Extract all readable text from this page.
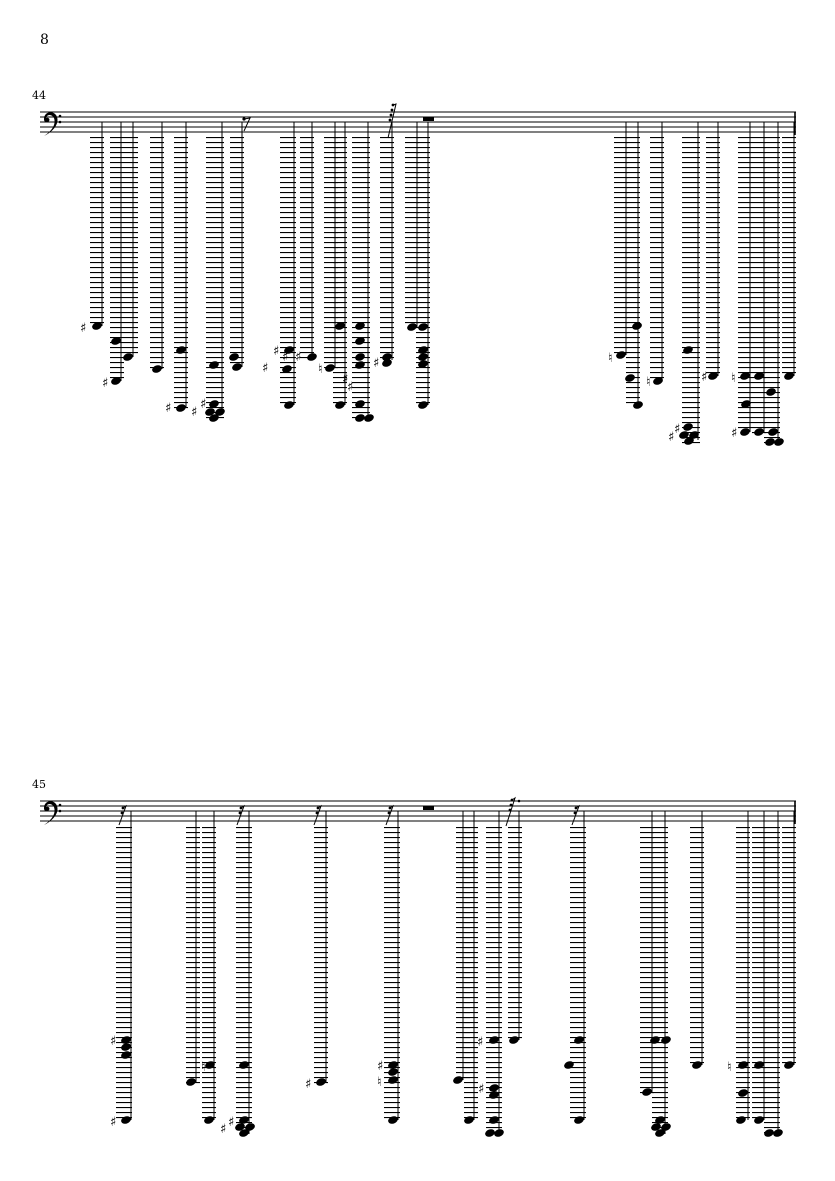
8
44
45
♯
♯
♯ ♯
♯
♯
♯ ♯ ♯
♮
♯
♯
♯	♮
♮
♯
♯
♯ ♮
♯
♯
♯
♮
♯ ♯
♯
♯
♮
♯
♯
♮
